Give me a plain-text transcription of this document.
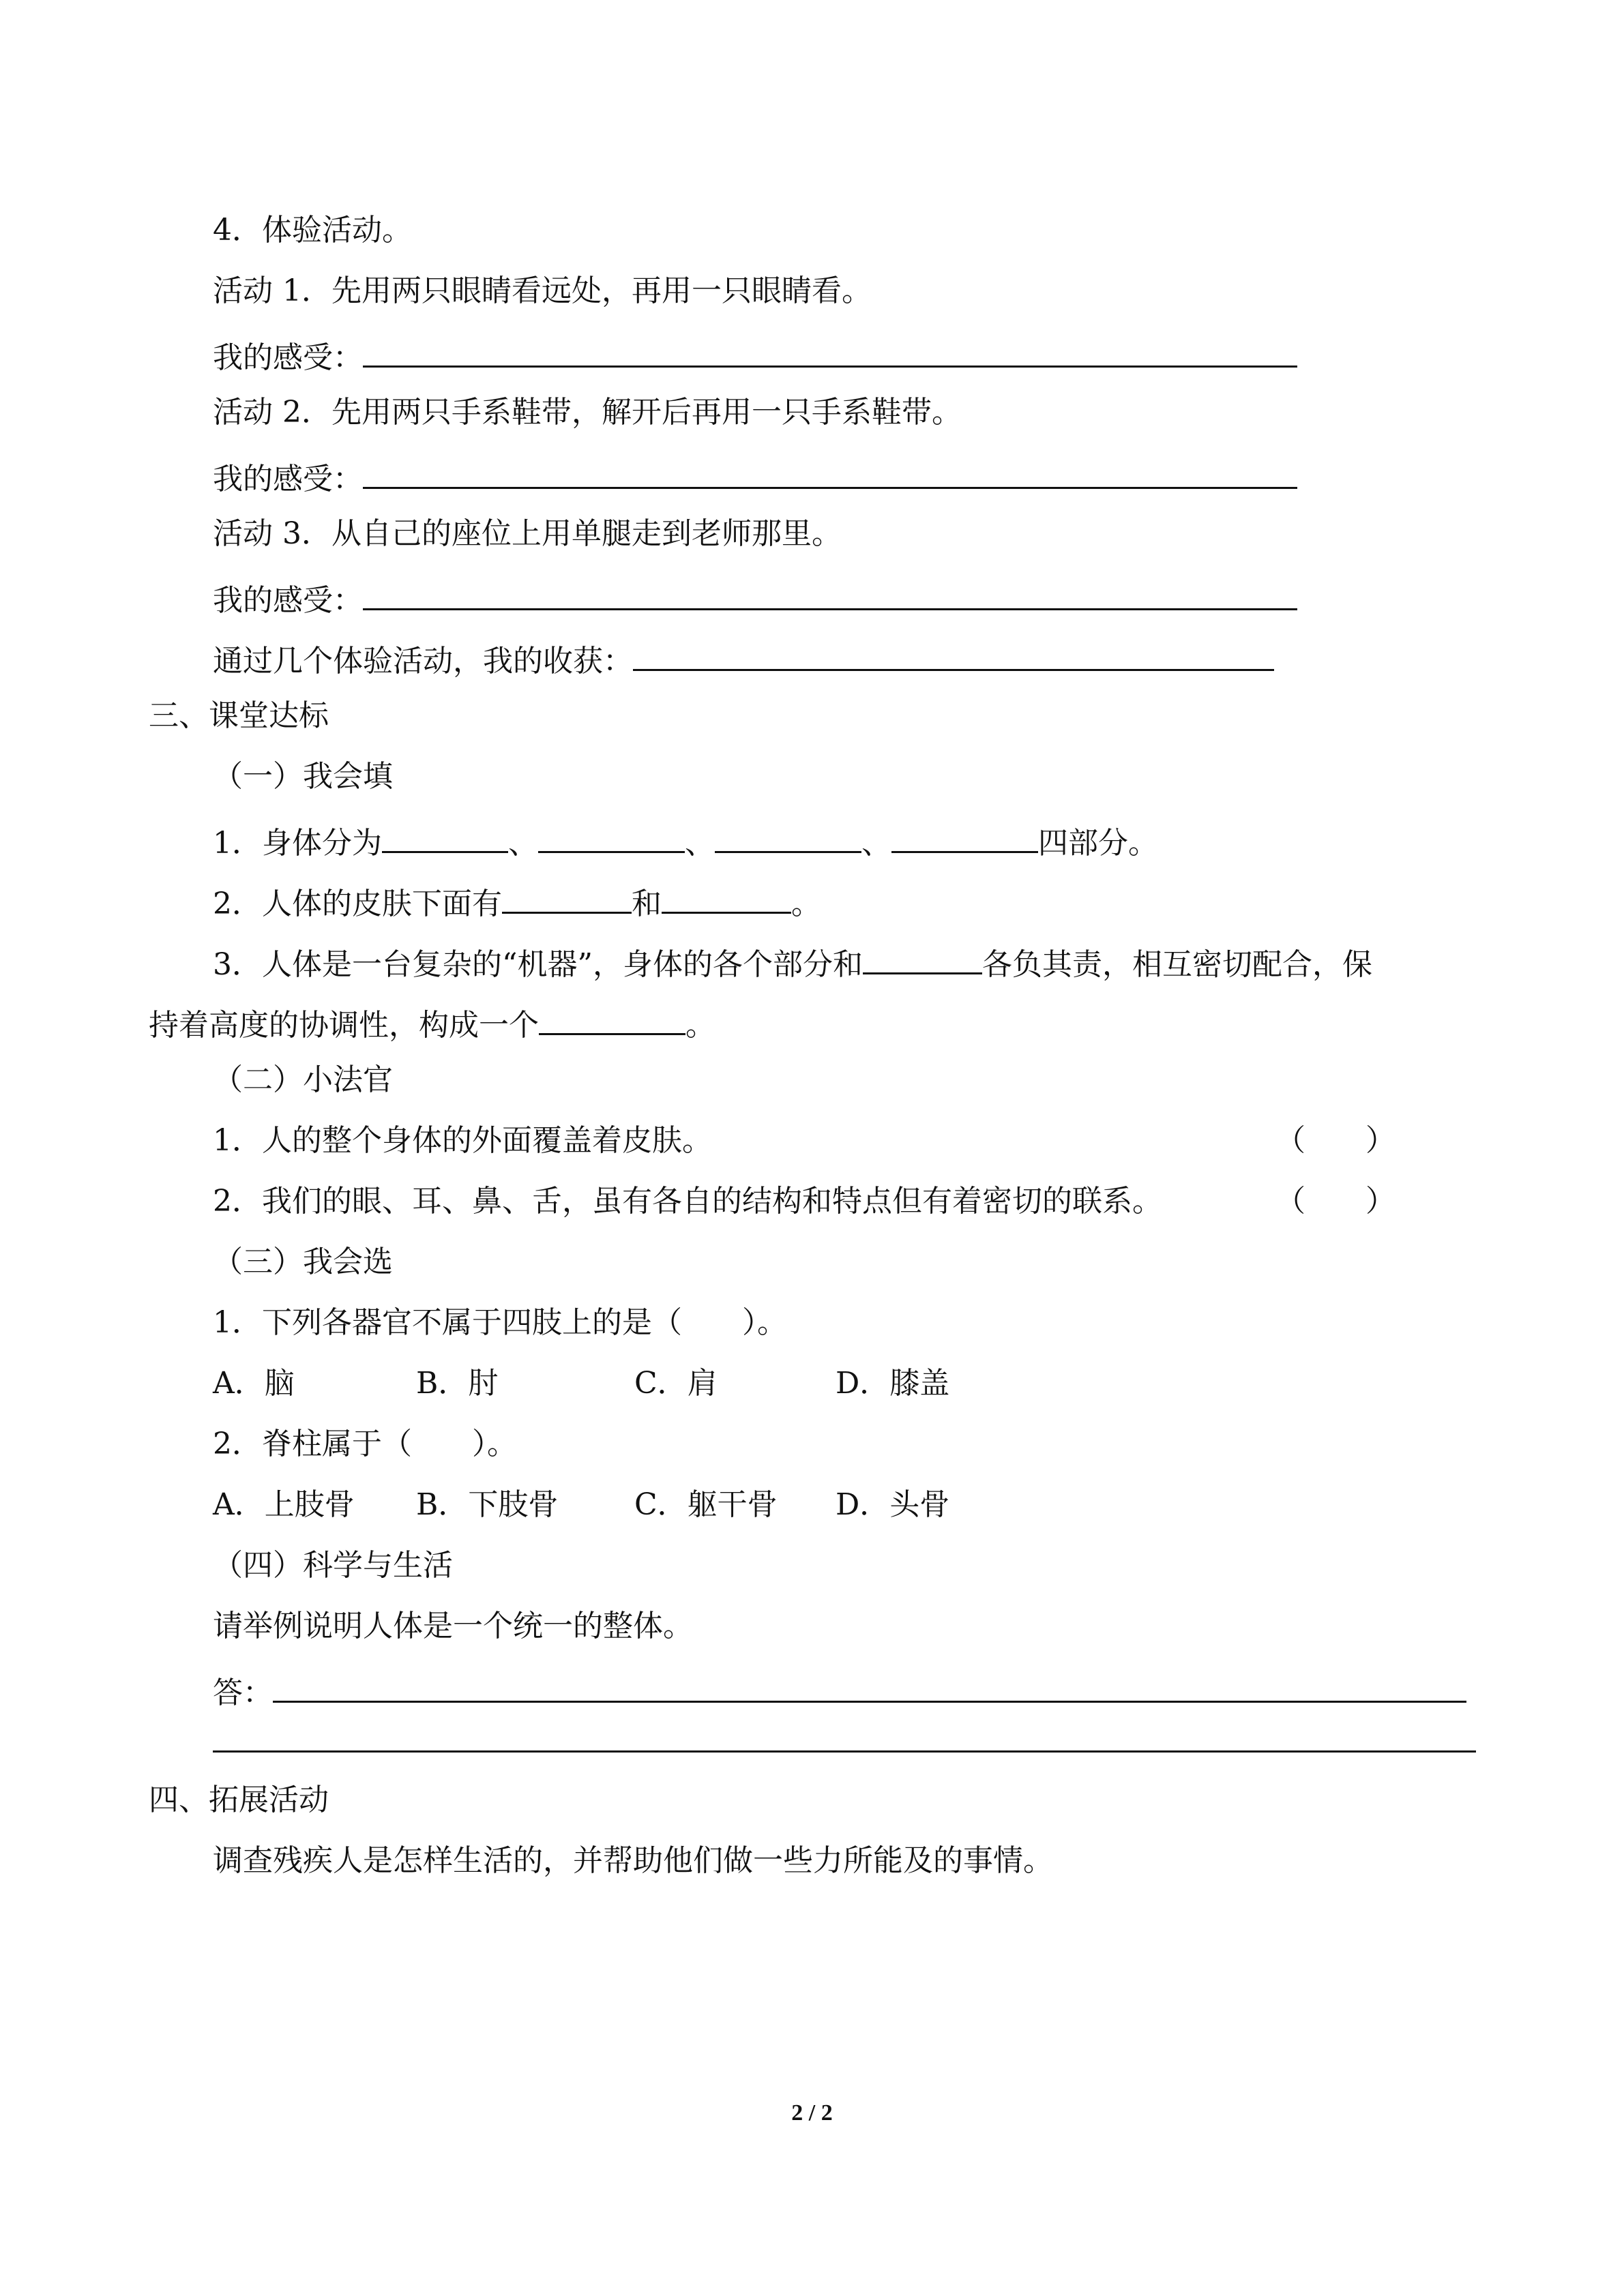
4．体验活动。
活动 1．先用两只眼睛看远处，再用一只眼睛看。
我的感受：
活动 2．先用两只手系鞋带，解开后再用一只手系鞋带。
我的感受：
活动 3．从自己的座位上用单腿走到老师那里。
我的感受：
通过几个体验活动，我的收获：
三、课堂达标
（一）我会填
1．身体分为	、	、	、	四部分。
2．人体的皮肤下面有	和	。
3．人体是一台复杂的“机器”，身体的各个部分和	各负其责，相互密切配合，保
持着高度的协调性，构成一个	。
（二）小法官
1．人的整个身体的外面覆盖着皮肤。	（　　）
2．我们的眼、耳、鼻、舌，虽有各自的结构和特点但有着密切的联系。	（　　）
（三）我会选
1．下列各器官不属于四肢上的是（　　）。
A．脑	B．肘	C．肩	D．膝盖
2．脊柱属于（　　）。
A．上肢骨 B．下肢骨	C．躯干骨 D．头骨
（四）科学与生活
请举例说明人体是一个统一的整体。
答：
四、拓展活动
调查残疾人是怎样生活的，并帮助他们做一些力所能及的事情。
2 / 2
